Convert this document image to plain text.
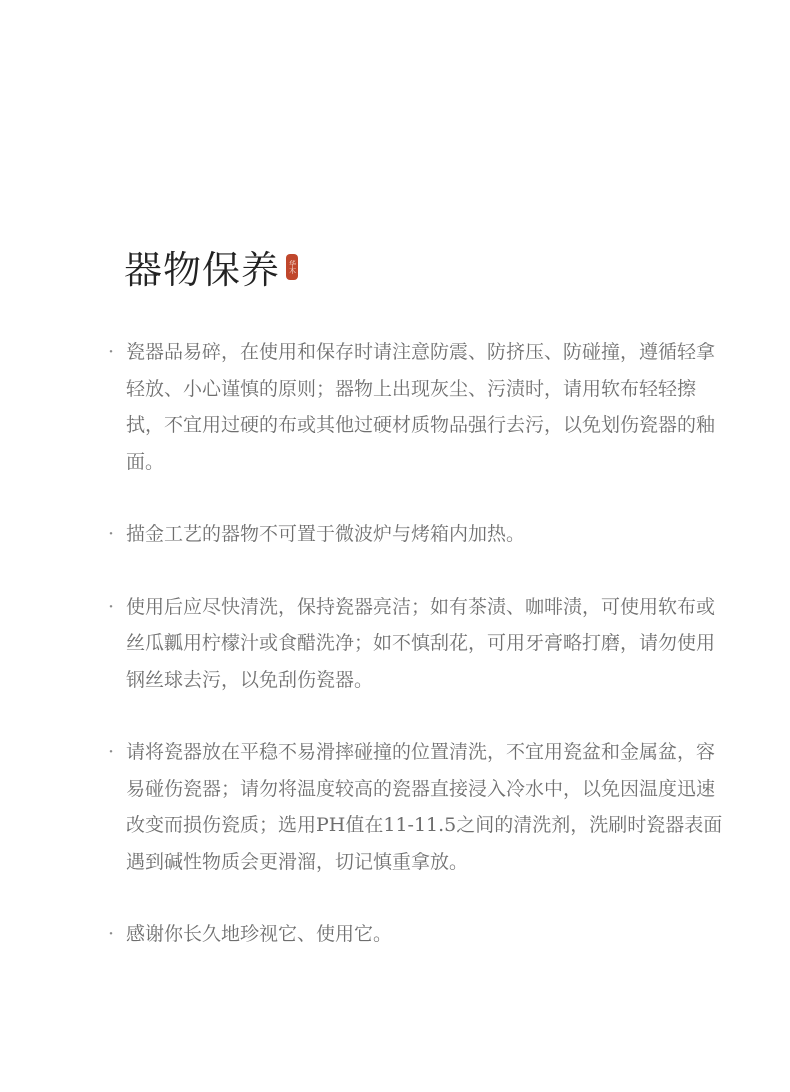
器物保养 华木
· 瓷器品易碎，在使用和保存时请注意防震、防挤压、防碰撞，遵循轻拿轻放、小心谨慎的原则；器物上出现灰尘、污渍时，请用软布轻轻擦拭，不宜用过硬的布或其他过硬材质物品强行去污，以免划伤瓷器的釉面。
· 描金工艺的器物不可置于微波炉与烤箱内加热。
· 使用后应尽快清洗，保持瓷器亮洁；如有茶渍、咖啡渍，可使用软布或丝瓜瓤用柠檬汁或食醋洗净；如不慎刮花，可用牙膏略打磨，请勿使用钢丝球去污，以免刮伤瓷器。
· 请将瓷器放在平稳不易滑摔碰撞的位置清洗，不宜用瓷盆和金属盆，容易碰伤瓷器；请勿将温度较高的瓷器直接浸入冷水中，以免因温度迅速改变而损伤瓷质；选用PH值在11-11.5之间的清洗剂，洗刷时瓷器表面遇到碱性物质会更滑溜，切记慎重拿放。
· 感谢你长久地珍视它、使用它。
